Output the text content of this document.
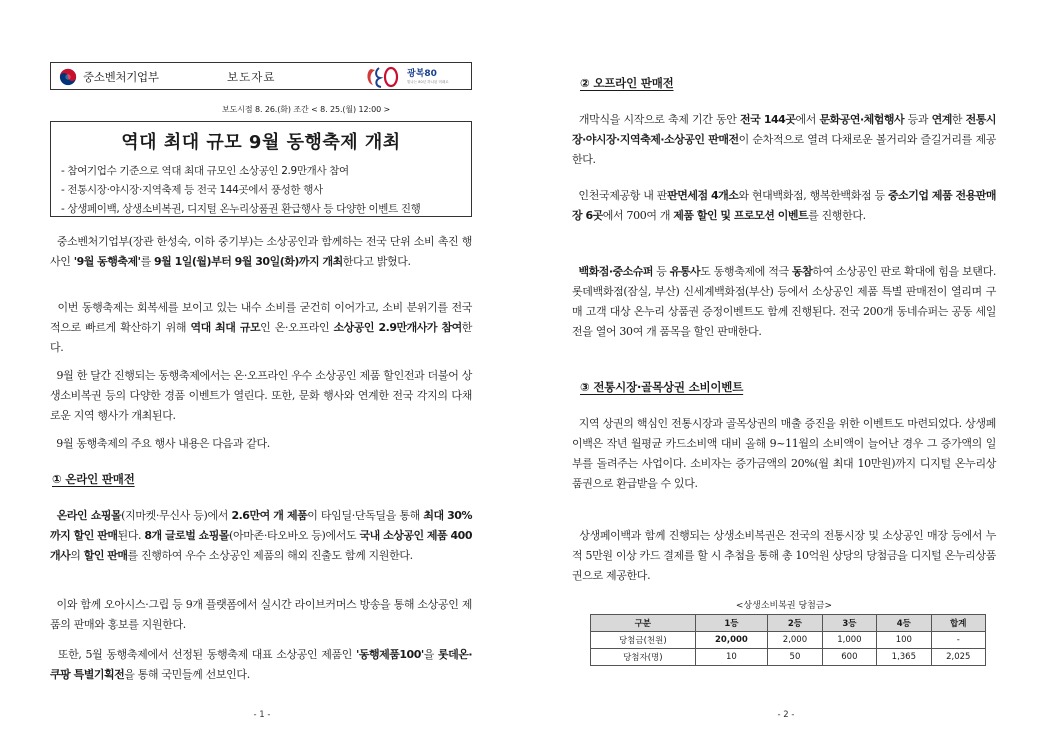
중소벤처기업부	보도자료	광복80
빛나는 80년 하나된 미래로
보도시점 8. 26.(화) 조간 < 8. 25.(월) 12:00 >
역대 최대 규모 9월 동행축제 개최
- 참여기업수 기준으로 역대 최대 규모인 소상공인 2.9만개사 참여
- 전통시장·야시장·지역축제 등 전국 144곳에서 풍성한 행사
- 상생페이백, 상생소비복권, 디지털 온누리상품권 환급행사 등 다양한 이벤트 진행

중소벤처기업부(장관 한성숙, 이하 중기부)는 소상공인과 함께하는 전국 단위 소비 촉진 행사인 '9월 동행축제'를 9월 1일(월)부터 9월 30일(화)까지 개최한다고 밝혔다.

이번 동행축제는 회복세를 보이고 있는 내수 소비를 굳건히 이어가고, 소비 분위기를 전국적으로 빠르게 확산하기 위해 역대 최대 규모인 온·오프라인 소상공인 2.9만개사가 참여한다.

9월 한 달간 진행되는 동행축제에서는 온·오프라인 우수 소상공인 제품 할인전과 더불어 상생소비복권 등의 다양한 경품 이벤트가 열린다. 또한, 문화 행사와 연계한 전국 각지의 다채로운 지역 행사가 개최된다.

9월 동행축제의 주요 행사 내용은 다음과 같다.

① 온라인 판매전

온라인 쇼핑몰(지마켓·무신사 등)에서 2.6만여 개 제품이 타임딜·단독딜을 통해 최대 30%까지 할인 판매된다. 8개 글로벌 쇼핑몰(아마존·타오바오 등)에서도 국내 소상공인 제품 400개사의 할인 판매를 진행하여 우수 소상공인 제품의 해외 진출도 함께 지원한다.

이와 함께 오아시스·그립 등 9개 플랫폼에서 실시간 라이브커머스 방송을 통해 소상공인 제품의 판매와 홍보를 지원한다.

또한, 5월 동행축제에서 선정된 동행축제 대표 소상공인 제품인 '동행제품100'을 롯데온·쿠팡 특별기획전을 통해 국민들께 선보인다.

- 1 -
② 오프라인 판매전

개막식을 시작으로 축제 기간 동안 전국 144곳에서 문화공연·체험행사 등과 연계한 전통시장·야시장·지역축제·소상공인 판매전이 순차적으로 열려 다채로운 볼거리와 즐길거리를 제공한다.

인천국제공항 내 판판면세점 4개소와 현대백화점, 행복한백화점 등 중소기업 제품 전용판매장 6곳에서 700여 개 제품 할인 및 프로모션 이벤트를 진행한다.

백화점·중소슈퍼 등 유통사도 동행축제에 적극 동참하여 소상공인 판로 확대에 힘을 보탠다. 롯데백화점(잠실, 부산) 신세계백화점(부산) 등에서 소상공인 제품 특별 판매전이 열리며 구매 고객 대상 온누리 상품권 증정이벤트도 함께 진행된다. 전국 200개 동네슈퍼는 공동 세일전을 열어 30여 개 품목을 할인 판매한다.

③ 전통시장·골목상권 소비이벤트

지역 상권의 핵심인 전통시장과 골목상권의 매출 증진을 위한 이벤트도 마련되었다. 상생페이백은 작년 월평균 카드소비액 대비 올해 9~11월의 소비액이 늘어난 경우 그 증가액의 일부를 돌려주는 사업이다. 소비자는 증가금액의 20%(월 최대 10만원)까지 디지털 온누리상품권으로 환급받을 수 있다.

상생페이백과 함께 진행되는 상생소비복권은 전국의 전통시장 및 소상공인 매장 등에서 누적 5만원 이상 카드 결제를 할 시 추첨을 통해 총 10억원 상당의 당첨금을 디지털 온누리상품권으로 제공한다.

<상생소비복권 당첨금>
구분	1등	2등	3등	4등	합계
당첨금(천원)	20,000	2,000	1,000	100	-
당첨자(명)	10	50	600	1,365	2,025
- 2 -
